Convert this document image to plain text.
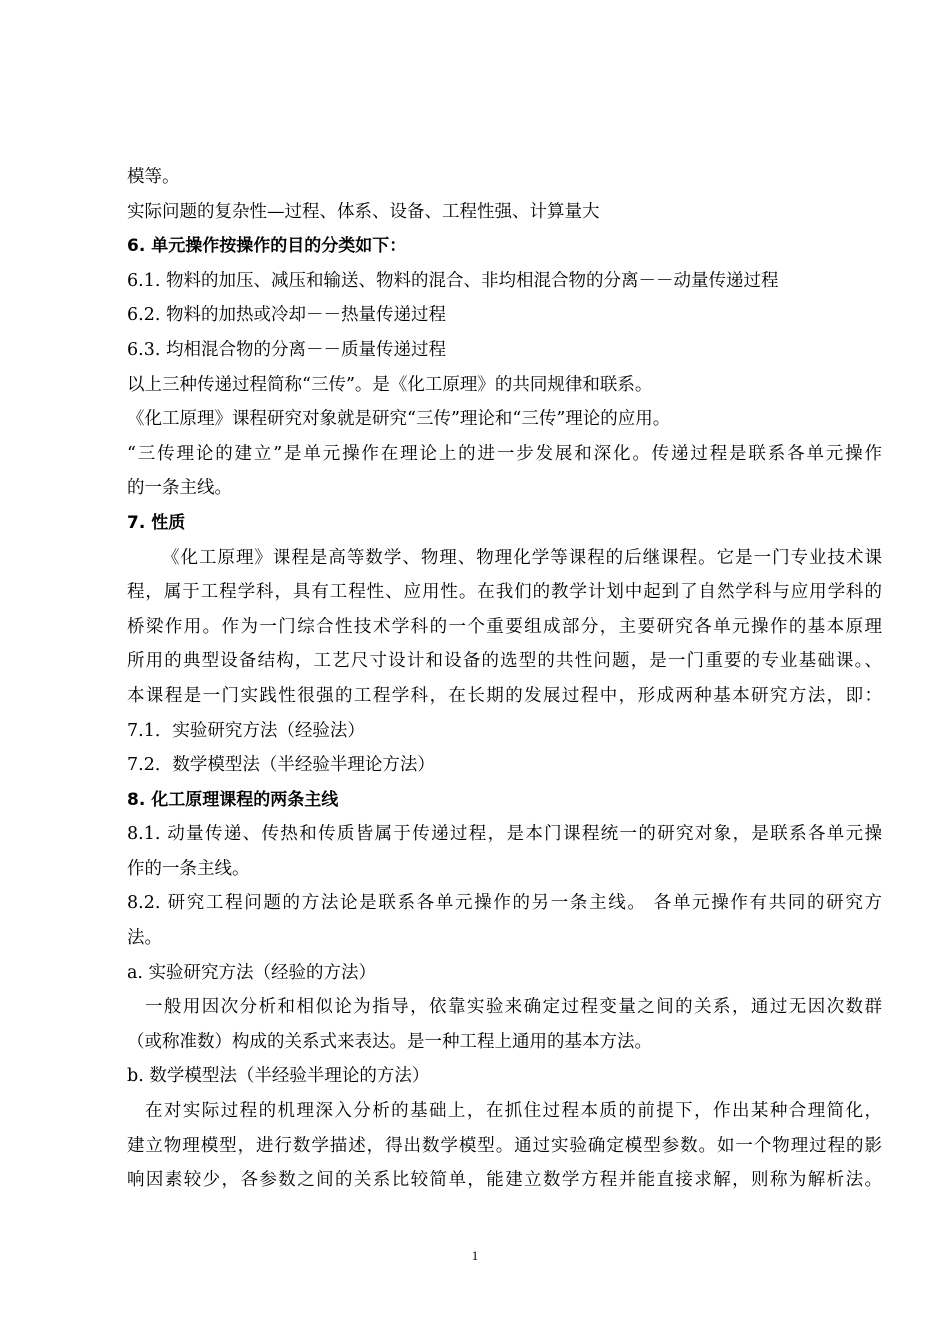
模等。
实际问题的复杂性—过程、体系、设备、工程性强、计算量大
6. 单元操作按操作的目的分类如下：
6.1. 物料的加压、减压和输送、物料的混合、非均相混合物的分离－－动量传递过程
6.2. 物料的加热或冷却－－热量传递过程
6.3. 均相混合物的分离－－质量传递过程
以上三种传递过程简称“三传”。是《化工原理》的共同规律和联系。
《化工原理》课程研究对象就是研究“三传”理论和“三传”理论的应用。
“三传理论的建立”是单元操作在理论上的进一步发展和深化。传递过程是联系各单元操作
的一条主线。
7. 性质
《化工原理》课程是高等数学、物理、物理化学等课程的后继课程。它是一门专业技术课
程，属于工程学科，具有工程性、应用性。在我们的教学计划中起到了自然学科与应用学科的
桥梁作用。作为一门综合性技术学科的一个重要组成部分，主要研究各单元操作的基本原理
所用的典型设备结构，工艺尺寸设计和设备的选型的共性问题，是一门重要的专业基础课。、
本课程是一门实践性很强的工程学科，在长期的发展过程中，形成两种基本研究方法，即：
7.1．实验研究方法（经验法）
7.2．数学模型法（半经验半理论方法）
8. 化工原理课程的两条主线
8.1. 动量传递、传热和传质皆属于传递过程，是本门课程统一的研究对象，是联系各单元操
作的一条主线。
8.2. 研究工程问题的方法论是联系各单元操作的另一条主线。 各单元操作有共同的研究方
法。
a. 实验研究方法（经验的方法）
一般用因次分析和相似论为指导，依靠实验来确定过程变量之间的关系，通过无因次数群
（或称准数）构成的关系式来表达。是一种工程上通用的基本方法。
b. 数学模型法（半经验半理论的方法）
在对实际过程的机理深入分析的基础上，在抓住过程本质的前提下，作出某种合理简化，
建立物理模型，进行数学描述，得出数学模型。通过实验确定模型参数。如一个物理过程的影
响因素较少，各参数之间的关系比较简单，能建立数学方程并能直接求解，则称为解析法。
1
